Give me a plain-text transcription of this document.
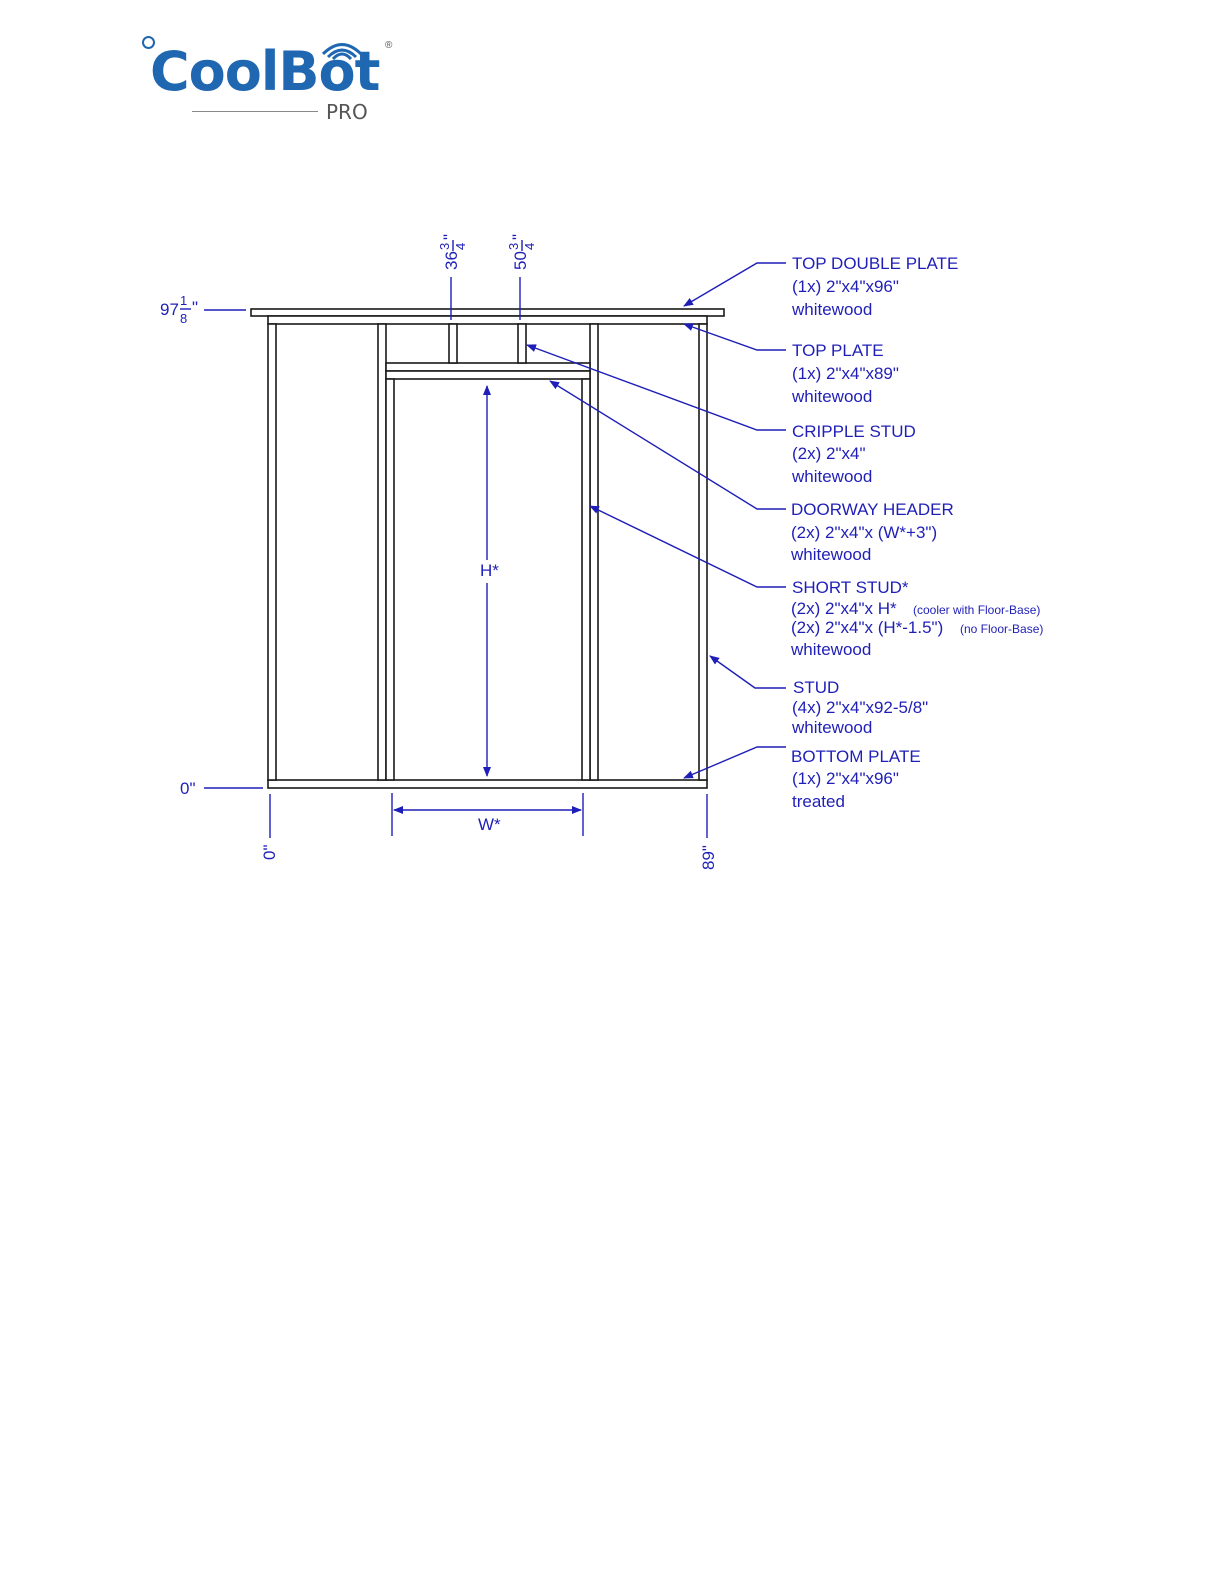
CoolBot ®
PRO
97 1
8
"
0"
0"	89"
36
3 4
"
50
3 4
"
H*
W*
TOP DOUBLE PLATE
(1x) 2"x4"x96"
whitewood
TOP PLATE
(1x) 2"x4"x89"
whitewood
CRIPPLE STUD
(2x) 2"x4"
whitewood
DOORWAY HEADER
(2x) 2"x4"x (W*+3")
whitewood
SHORT STUD*
(2x) 2"x4"x H* (cooler with Floor-Base)
(2x) 2"x4"x (H*-1.5") (no Floor-Base)
whitewood
STUD
(4x) 2"x4"x92-5/8"
whitewood
BOTTOM PLATE
(1x) 2"x4"x96"
treated
